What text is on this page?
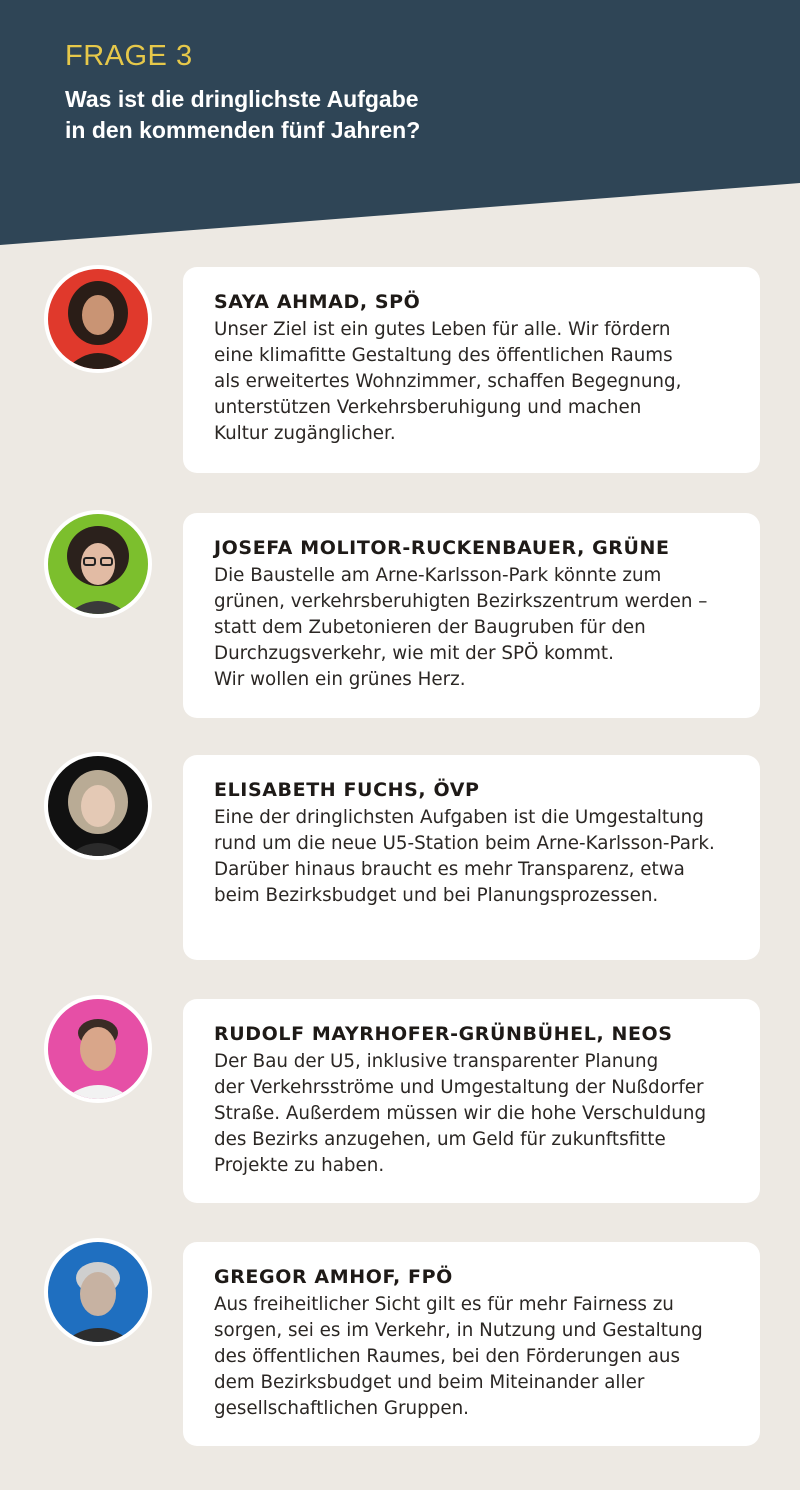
FRAGE 3
Was ist die dringlichste Aufgabe
in den kommenden fünf Jahren?
SAYA AHMAD, SPÖ
Unser Ziel ist ein gutes Leben für alle. Wir fördern
eine klimafitte Gestaltung des öffentlichen Raums
als erweitertes Wohnzimmer, schaffen Begegnung,
unterstützen Verkehrsberuhigung und machen
Kultur zugänglicher.
JOSEFA MOLITOR-RUCKENBAUER, GRÜNE
Die Baustelle am Arne-Karlsson-Park könnte zum
grünen, verkehrsberuhigten Bezirkszentrum werden –
statt dem Zubetonieren der Baugruben für den
Durchzugsverkehr, wie mit der SPÖ kommt.
Wir wollen ein grünes Herz.
ELISABETH FUCHS, ÖVP
Eine der dringlichsten Aufgaben ist die Umgestaltung
rund um die neue U5-Station beim Arne-Karlsson-Park.
Darüber hinaus braucht es mehr Transparenz, etwa
beim Bezirksbudget und bei Planungsprozessen.
RUDOLF MAYRHOFER-GRÜNBÜHEL, NEOS
Der Bau der U5, inklusive transparenter Planung
der Verkehrsströme und Umgestaltung der Nußdorfer
Straße. Außerdem müssen wir die hohe Verschuldung
des Bezirks anzugehen, um Geld für zukunftsfitte
Projekte zu haben.
GREGOR AMHOF, FPÖ
Aus freiheitlicher Sicht gilt es für mehr Fairness zu
sorgen, sei es im Verkehr, in Nutzung und Gestaltung
des öffentlichen Raumes, bei den Förderungen aus
dem Bezirksbudget und beim Miteinander aller
gesellschaftlichen Gruppen.
